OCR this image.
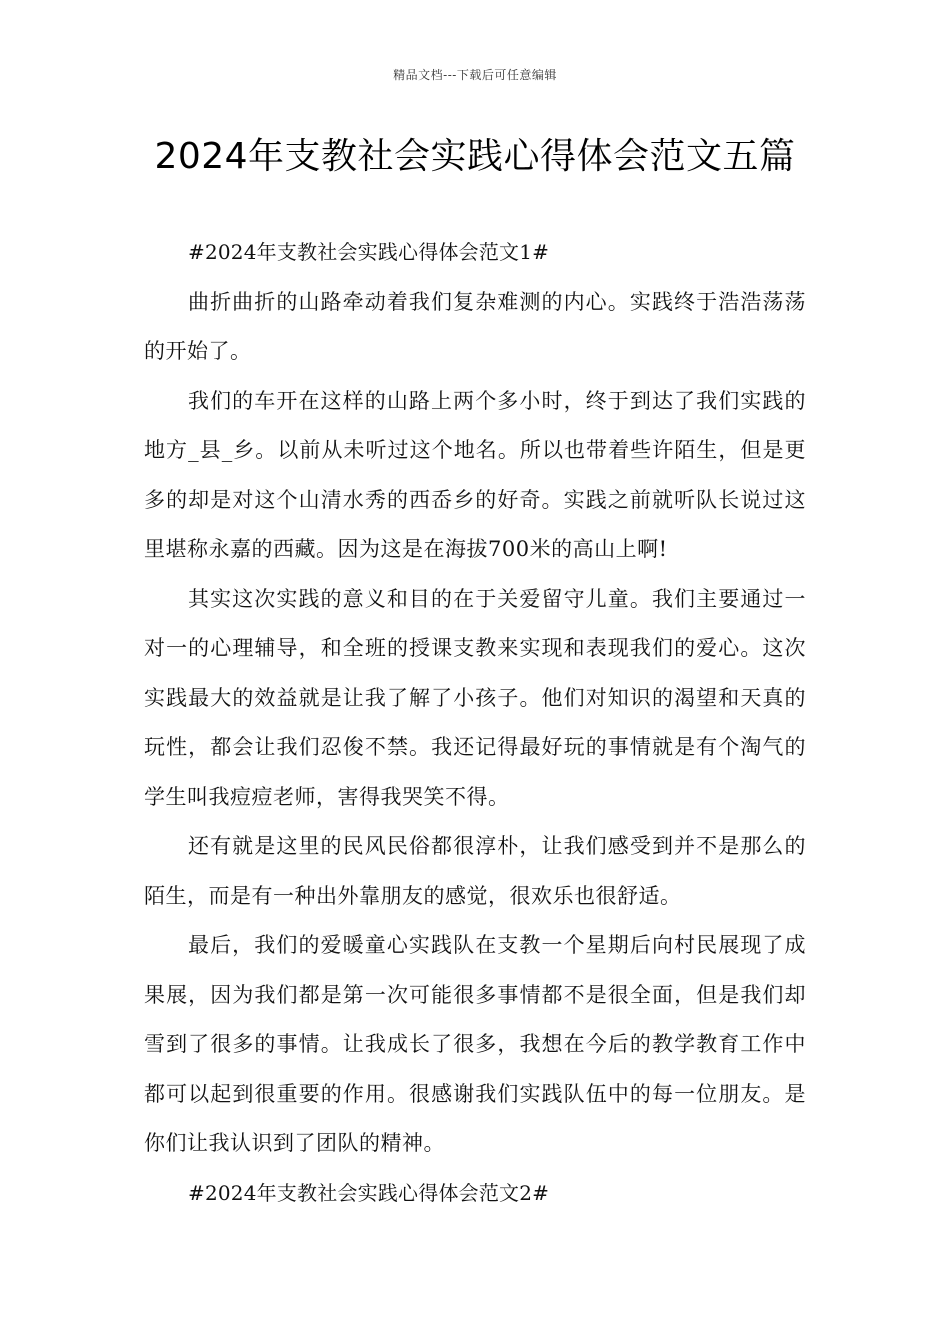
精品文档---下载后可任意编辑
2024年支教社会实践心得体会范文五篇

#2024年支教社会实践心得体会范文1#

曲折曲折的山路牵动着我们复杂难测的内心。实践终于浩浩荡荡的开始了。

我们的车开在这样的山路上两个多小时，终于到达了我们实践的地方_县_乡。以前从未听过这个地名。所以也带着些许陌生，但是更多的却是对这个山清水秀的西岙乡的好奇。实践之前就听队长说过这里堪称永嘉的西藏。因为这是在海拔700米的高山上啊!

其实这次实践的意义和目的在于关爱留守儿童。我们主要通过一对一的心理辅导，和全班的授课支教来实现和表现我们的爱心。这次实践最大的效益就是让我了解了小孩子。他们对知识的渴望和天真的玩性，都会让我们忍俊不禁。我还记得最好玩的事情就是有个淘气的学生叫我痘痘老师，害得我哭笑不得。

还有就是这里的民风民俗都很淳朴，让我们感受到并不是那么的陌生，而是有一种出外靠朋友的感觉，很欢乐也很舒适。

最后，我们的爱暖童心实践队在支教一个星期后向村民展现了成果展，因为我们都是第一次可能很多事情都不是很全面，但是我们却雪到了很多的事情。让我成长了很多，我想在今后的教学教育工作中都可以起到很重要的作用。很感谢我们实践队伍中的每一位朋友。是你们让我认识到了团队的精神。

#2024年支教社会实践心得体会范文2#
